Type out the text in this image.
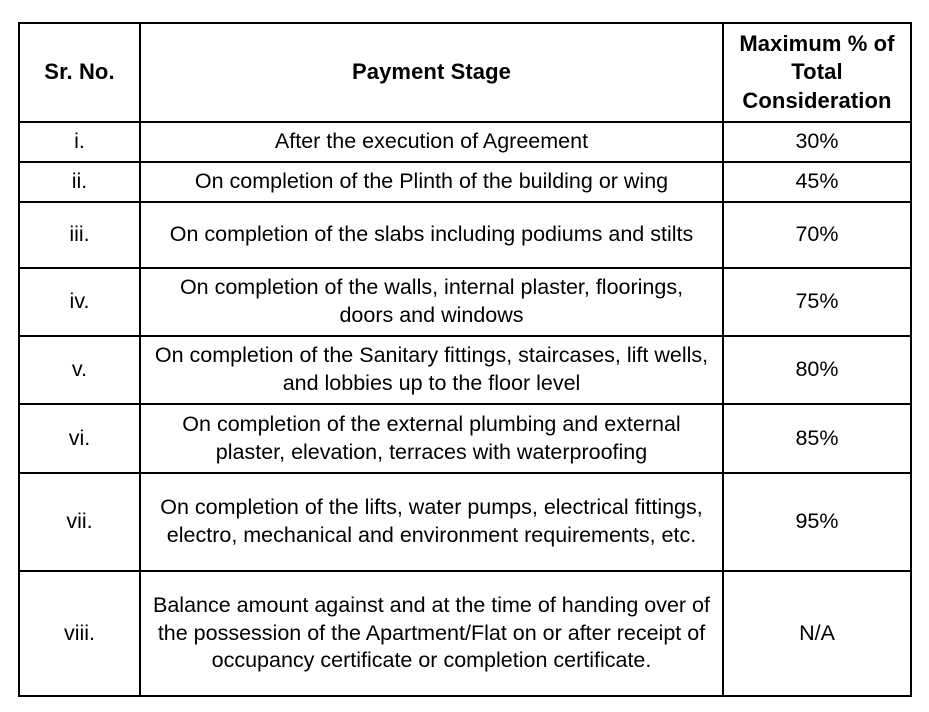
Sr. No.	Payment Stage	Maximum % of
Total
Consideration
i.	After the execution of Agreement	30%
ii.	On completion of the Plinth of the building or wing	45%
iii.	On completion of the slabs including podiums and stilts	70%
iv.	On completion of the walls, internal plaster, floorings, doors and windows	75%
v.	On completion of the Sanitary fittings, staircases, lift wells, and lobbies up to the floor level	80%
vi.	On completion of the external plumbing and external plaster, elevation, terraces with waterproofing	85%
vii.	On completion of the lifts, water pumps, electrical fittings, electro, mechanical and environment requirements, etc.	95%
viii.	Balance amount against and at the time of handing over of the possession of the Apartment/Flat on or after receipt of occupancy certificate or completion certificate.	N/A
